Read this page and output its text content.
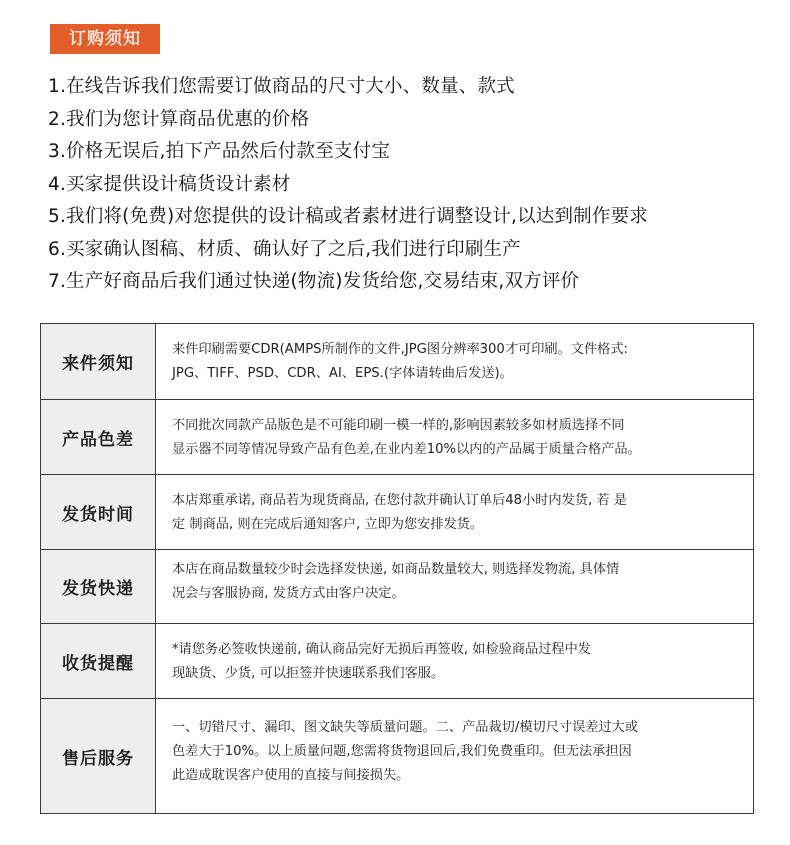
订购须知
1.在线告诉我们您需要订做商品的尺寸大小、数量、款式
2.我们为您计算商品优惠的价格
3.价格无误后,拍下产品然后付款至支付宝
4.买家提供设计稿货设计素材
5.我们将(免费)对您提供的设计稿或者素材进行调整设计,以达到制作要求
6.买家确认图稿、材质、确认好了之后,我们进行印刷生产
7.生产好商品后我们通过快递(物流)发货给您,交易结束,双方评价
来件须知

来件印刷需要CDR(AMPS所制作的文件,JPG图分辨率300才可印刷。文件格式:

JPG、TIFF、PSD、CDR、AI、EPS.(字体请转曲后发送)。

产品色差

不同批次同款产品版色是不可能印刷一模一样的,影响因素较多如材质选择不同

显示器不同等情况导致产品有色差,在业内差10%以内的产品属于质量合格产品。

发货时间

本店郑重承诺, 商品若为现货商品, 在您付款并确认订单后48小时内发货, 若 是

定 制商品, 则在完成后通知客户, 立即为您安排发货。

发货快递

本店在商品数量较少时会选择发快递, 如商品数量较大, 则选择发物流, 具体情

况会与客服协商, 发货方式由客户决定。

收货提醒

*请您务必签收快递前, 确认商品完好无损后再签收, 如检验商品过程中发

现缺货、少货, 可以拒签并快速联系我们客服。

售后服务

一、切错尺寸、漏印、图文缺失等质量问题。二、产品裁切/模切尺寸误差过大或

色差大于10%。以上质量问题,您需将货物退回后,我们免费重印。但无法承担因

此造成耽误客户使用的直接与间接损失。
